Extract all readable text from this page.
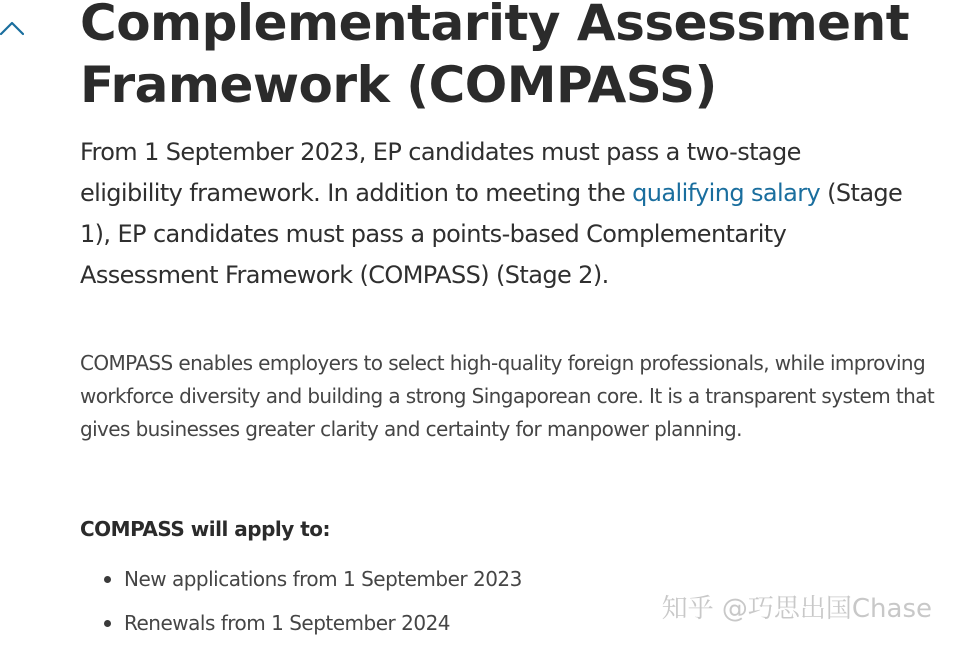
Complementarity Assessment Framework (COMPASS)

From 1 September 2023, EP candidates must pass a two-stage eligibility framework. In addition to meeting the qualifying salary (Stage 1), EP candidates must pass a points-based Complementarity Assessment Framework (COMPASS) (Stage 2).

COMPASS enables employers to select high-quality foreign professionals, while improving workforce diversity and building a strong Singaporean core. It is a transparent system that gives businesses greater clarity and certainty for manpower planning.

COMPASS will apply to:

New applications from 1 September 2023
Renewals from 1 September 2024	知乎 @巧思出国Chase
